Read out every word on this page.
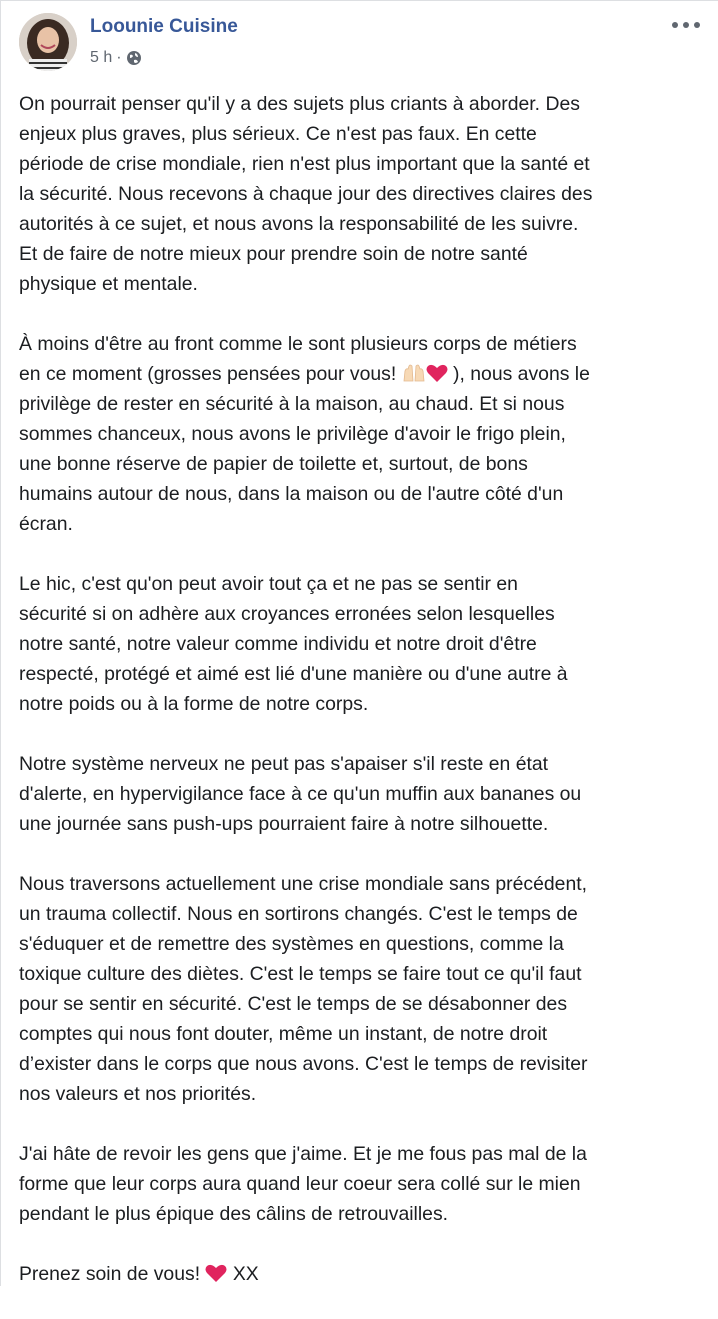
Loounie Cuisine
5 h ·
On pourrait penser qu'il y a des sujets plus criants à aborder. Des
enjeux plus graves, plus sérieux. Ce n'est pas faux. En cette
période de crise mondiale, rien n'est plus important que la santé et
la sécurité. Nous recevons à chaque jour des directives claires des
autorités à ce sujet, et nous avons la responsabilité de les suivre.
Et de faire de notre mieux pour prendre soin de notre santé
physique et mentale.
À moins d'être au front comme le sont plusieurs corps de métiers
en ce moment (grosses pensées pour vous!  ), nous avons le
privilège de rester en sécurité à la maison, au chaud. Et si nous
sommes chanceux, nous avons le privilège d'avoir le frigo plein,
une bonne réserve de papier de toilette et, surtout, de bons
humains autour de nous, dans la maison ou de l'autre côté d'un
écran.
Le hic, c'est qu'on peut avoir tout ça et ne pas se sentir en
sécurité si on adhère aux croyances erronées selon lesquelles
notre santé, notre valeur comme individu et notre droit d'être
respecté, protégé et aimé est lié d'une manière ou d'une autre à
notre poids ou à la forme de notre corps.
Notre système nerveux ne peut pas s'apaiser s'il reste en état
d'alerte, en hypervigilance face à ce qu'un muffin aux bananes ou
une journée sans push-ups pourraient faire à notre silhouette.
Nous traversons actuellement une crise mondiale sans précédent,
un trauma collectif. Nous en sortirons changés. C'est le temps de
s'éduquer et de remettre des systèmes en questions, comme la
toxique culture des diètes. C'est le temps se faire tout ce qu'il faut
pour se sentir en sécurité. C'est le temps de se désabonner des
comptes qui nous font douter, même un instant, de notre droit
d’exister dans le corps que nous avons. C'est le temps de revisiter
nos valeurs et nos priorités.
J'ai hâte de revoir les gens que j'aime. Et je me fous pas mal de la
forme que leur corps aura quand leur coeur sera collé sur le mien
pendant le plus épique des câlins de retrouvailles.
Prenez soin de vous!  XX
